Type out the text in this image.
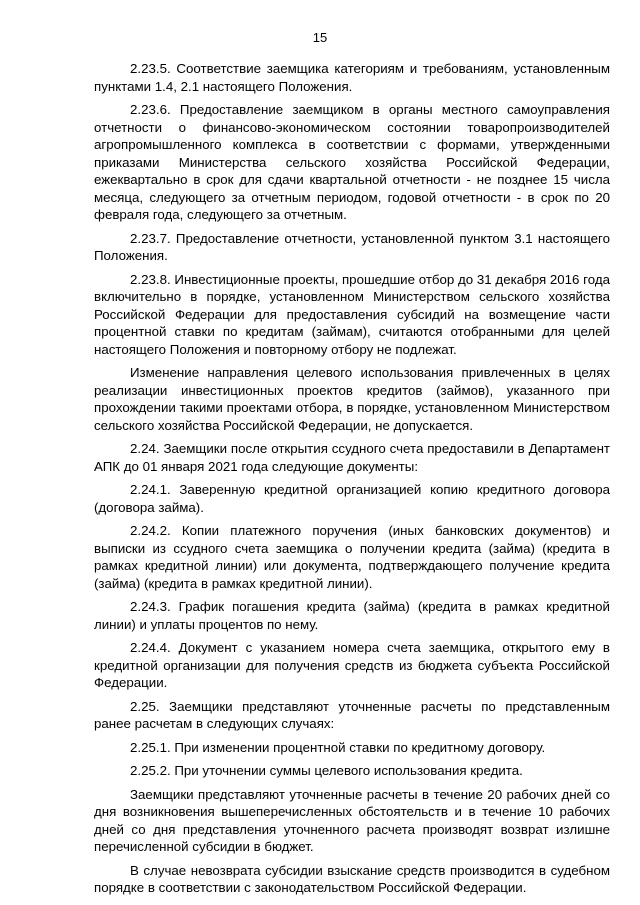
15

2.23.5. Соответствие заемщика категориям и требованиям, установленным пунктами 1.4, 2.1 настоящего Положения.

2.23.6. Предоставление заемщиком в органы местного самоуправления отчетности о финансово-экономическом состоянии товаропроизводителей агропромышленного комплекса в соответствии с формами, утвержденными приказами Министерства сельского хозяйства Российской Федерации, ежеквартально в срок для сдачи квартальной отчетности - не позднее 15 числа месяца, следующего за отчетным периодом, годовой отчетности - в срок по 20 февраля года, следующего за отчетным.

2.23.7. Предоставление отчетности, установленной пунктом 3.1 настоящего Положения.

2.23.8. Инвестиционные проекты, прошедшие отбор до 31 декабря 2016 года включительно в порядке, установленном Министерством сельского хозяйства Российской Федерации для предоставления субсидий на возмещение части процентной ставки по кредитам (займам), считаются отобранными для целей настоящего Положения и повторному отбору не подлежат.

Изменение направления целевого использования привлеченных в целях реализации инвестиционных проектов кредитов (займов), указанного при прохождении такими проектами отбора, в порядке, установленном Министерством сельского хозяйства Российской Федерации, не допускается.

2.24. Заемщики после открытия ссудного счета предоставили в Департамент АПК до 01 января 2021 года следующие документы:

2.24.1. Заверенную кредитной организацией копию кредитного договора (договора займа).

2.24.2. Копии платежного поручения (иных банковских документов) и выписки из ссудного счета заемщика о получении кредита (займа) (кредита в рамках кредитной линии) или документа, подтверждающего получение кредита (займа) (кредита в рамках кредитной линии).

2.24.3. График погашения кредита (займа) (кредита в рамках кредитной линии) и уплаты процентов по нему.

2.24.4. Документ с указанием номера счета заемщика, открытого ему в кредитной организации для получения средств из бюджета субъекта Российской Федерации.

2.25. Заемщики представляют уточненные расчеты по представленным ранее расчетам в следующих случаях:

2.25.1. При изменении процентной ставки по кредитному договору.

2.25.2. При уточнении суммы целевого использования кредита.

Заемщики представляют уточненные расчеты в течение 20 рабочих дней со дня возникновения вышеперечисленных обстоятельств и в течение 10 рабочих дней со дня представления уточненного расчета производят возврат излишне перечисленной субсидии в бюджет.

В случае невозврата субсидии взыскание средств производится в судебном порядке в соответствии с законодательством Российской Федерации.
